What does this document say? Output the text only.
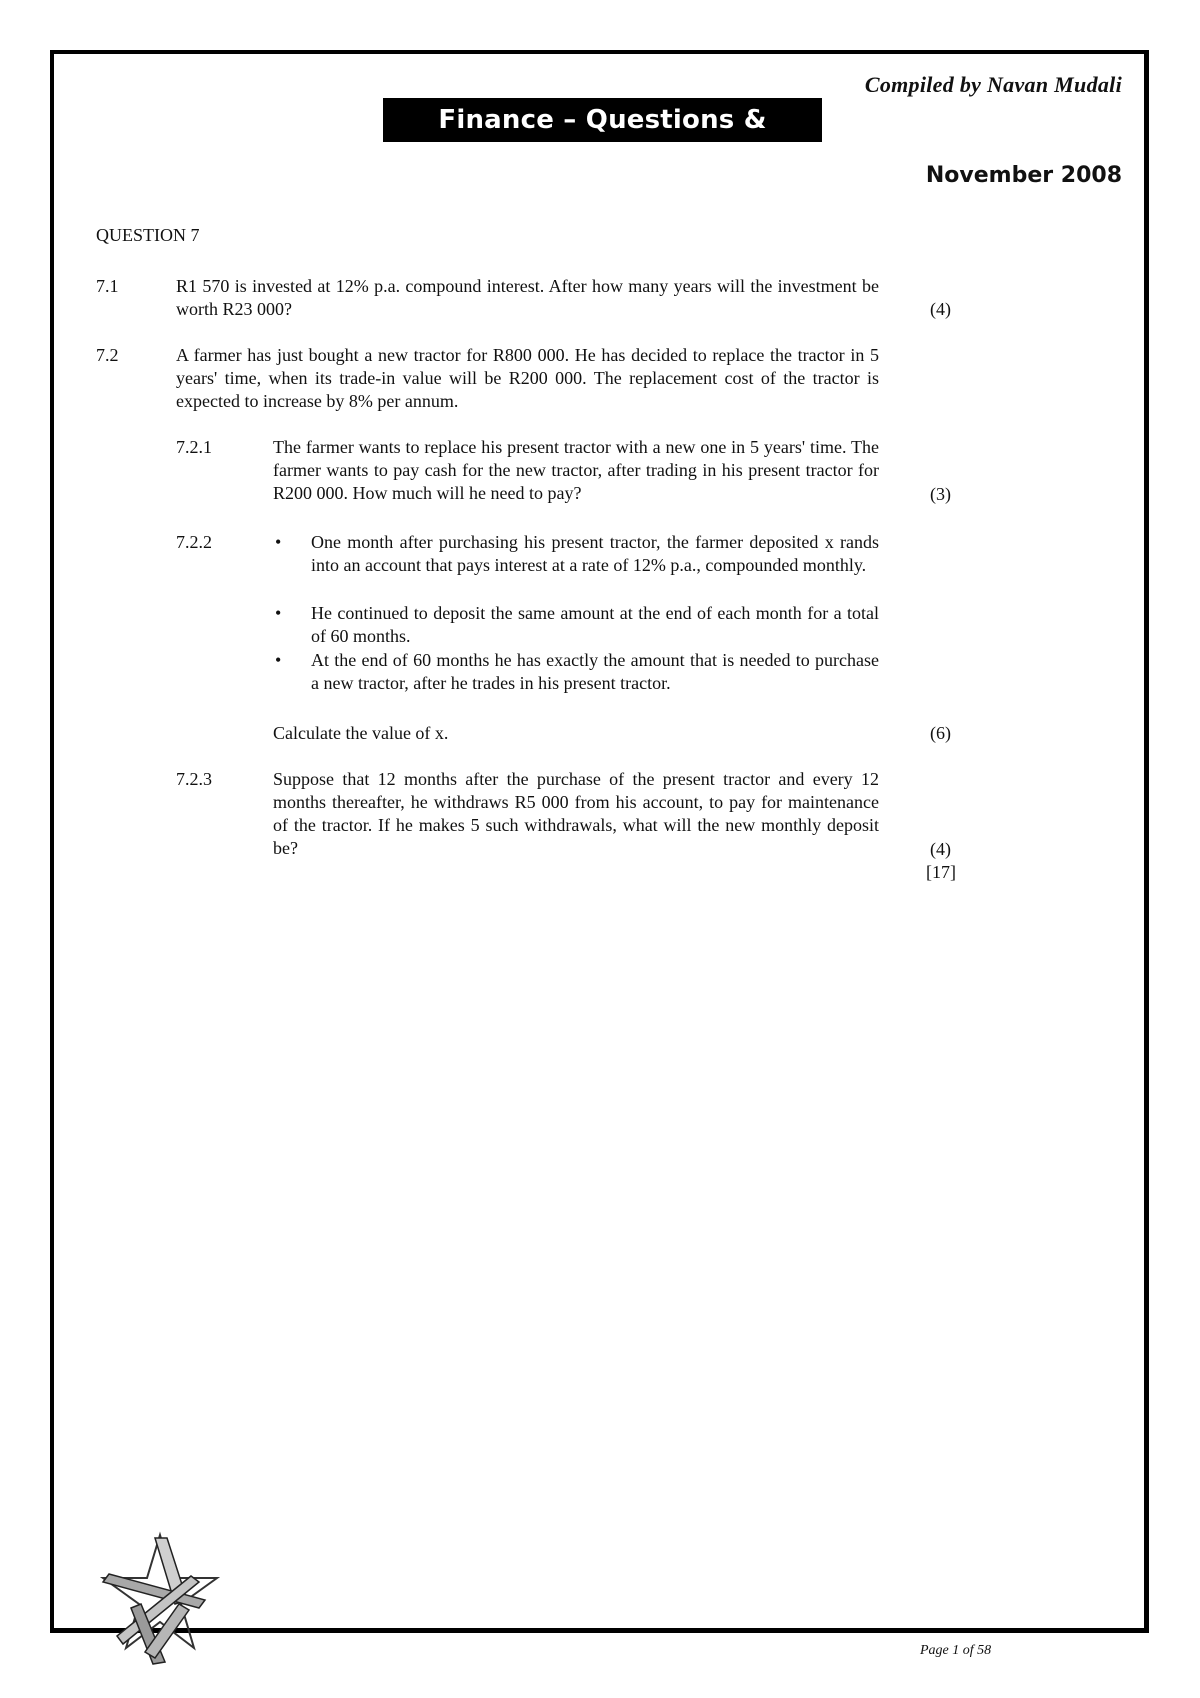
Compiled by Navan Mudali
Finance – Questions & Solutions	November 2008
QUESTION 7
7.1	R1 570 is invested at 12% p.a. compound interest. After how many years will the investment be worth R23 000?	(4)
7.2	A farmer has just bought a new tractor for R800 000. He has decided to replace the tractor in 5 years' time, when its trade-in value will be R200 000. The replacement cost of the tractor is expected to increase by 8% per annum.
7.2.1	The farmer wants to replace his present tractor with a new one in 5 years' time. The farmer wants to pay cash for the new tractor, after trading in his present tractor for R200 000. How much will he need to pay?	(3)
7.2.2	• One month after purchasing his present tractor, the farmer deposited x rands into an account that pays interest at a rate of 12% p.a., compounded monthly.
• He continued to deposit the same amount at the end of each month for a total of 60 months.
• At the end of 60 months he has exactly the amount that is needed to purchase a new tractor, after he trades in his present tractor.
Calculate the value of x.	(6)
7.2.3	Suppose that 12 months after the purchase of the present tractor and every 12 months thereafter, he withdraws R5 000 from his account, to pay for maintenance of the tractor. If he makes 5 such withdrawals, what will the new monthly deposit be?	(4)
[17]
Page 1 of 58
